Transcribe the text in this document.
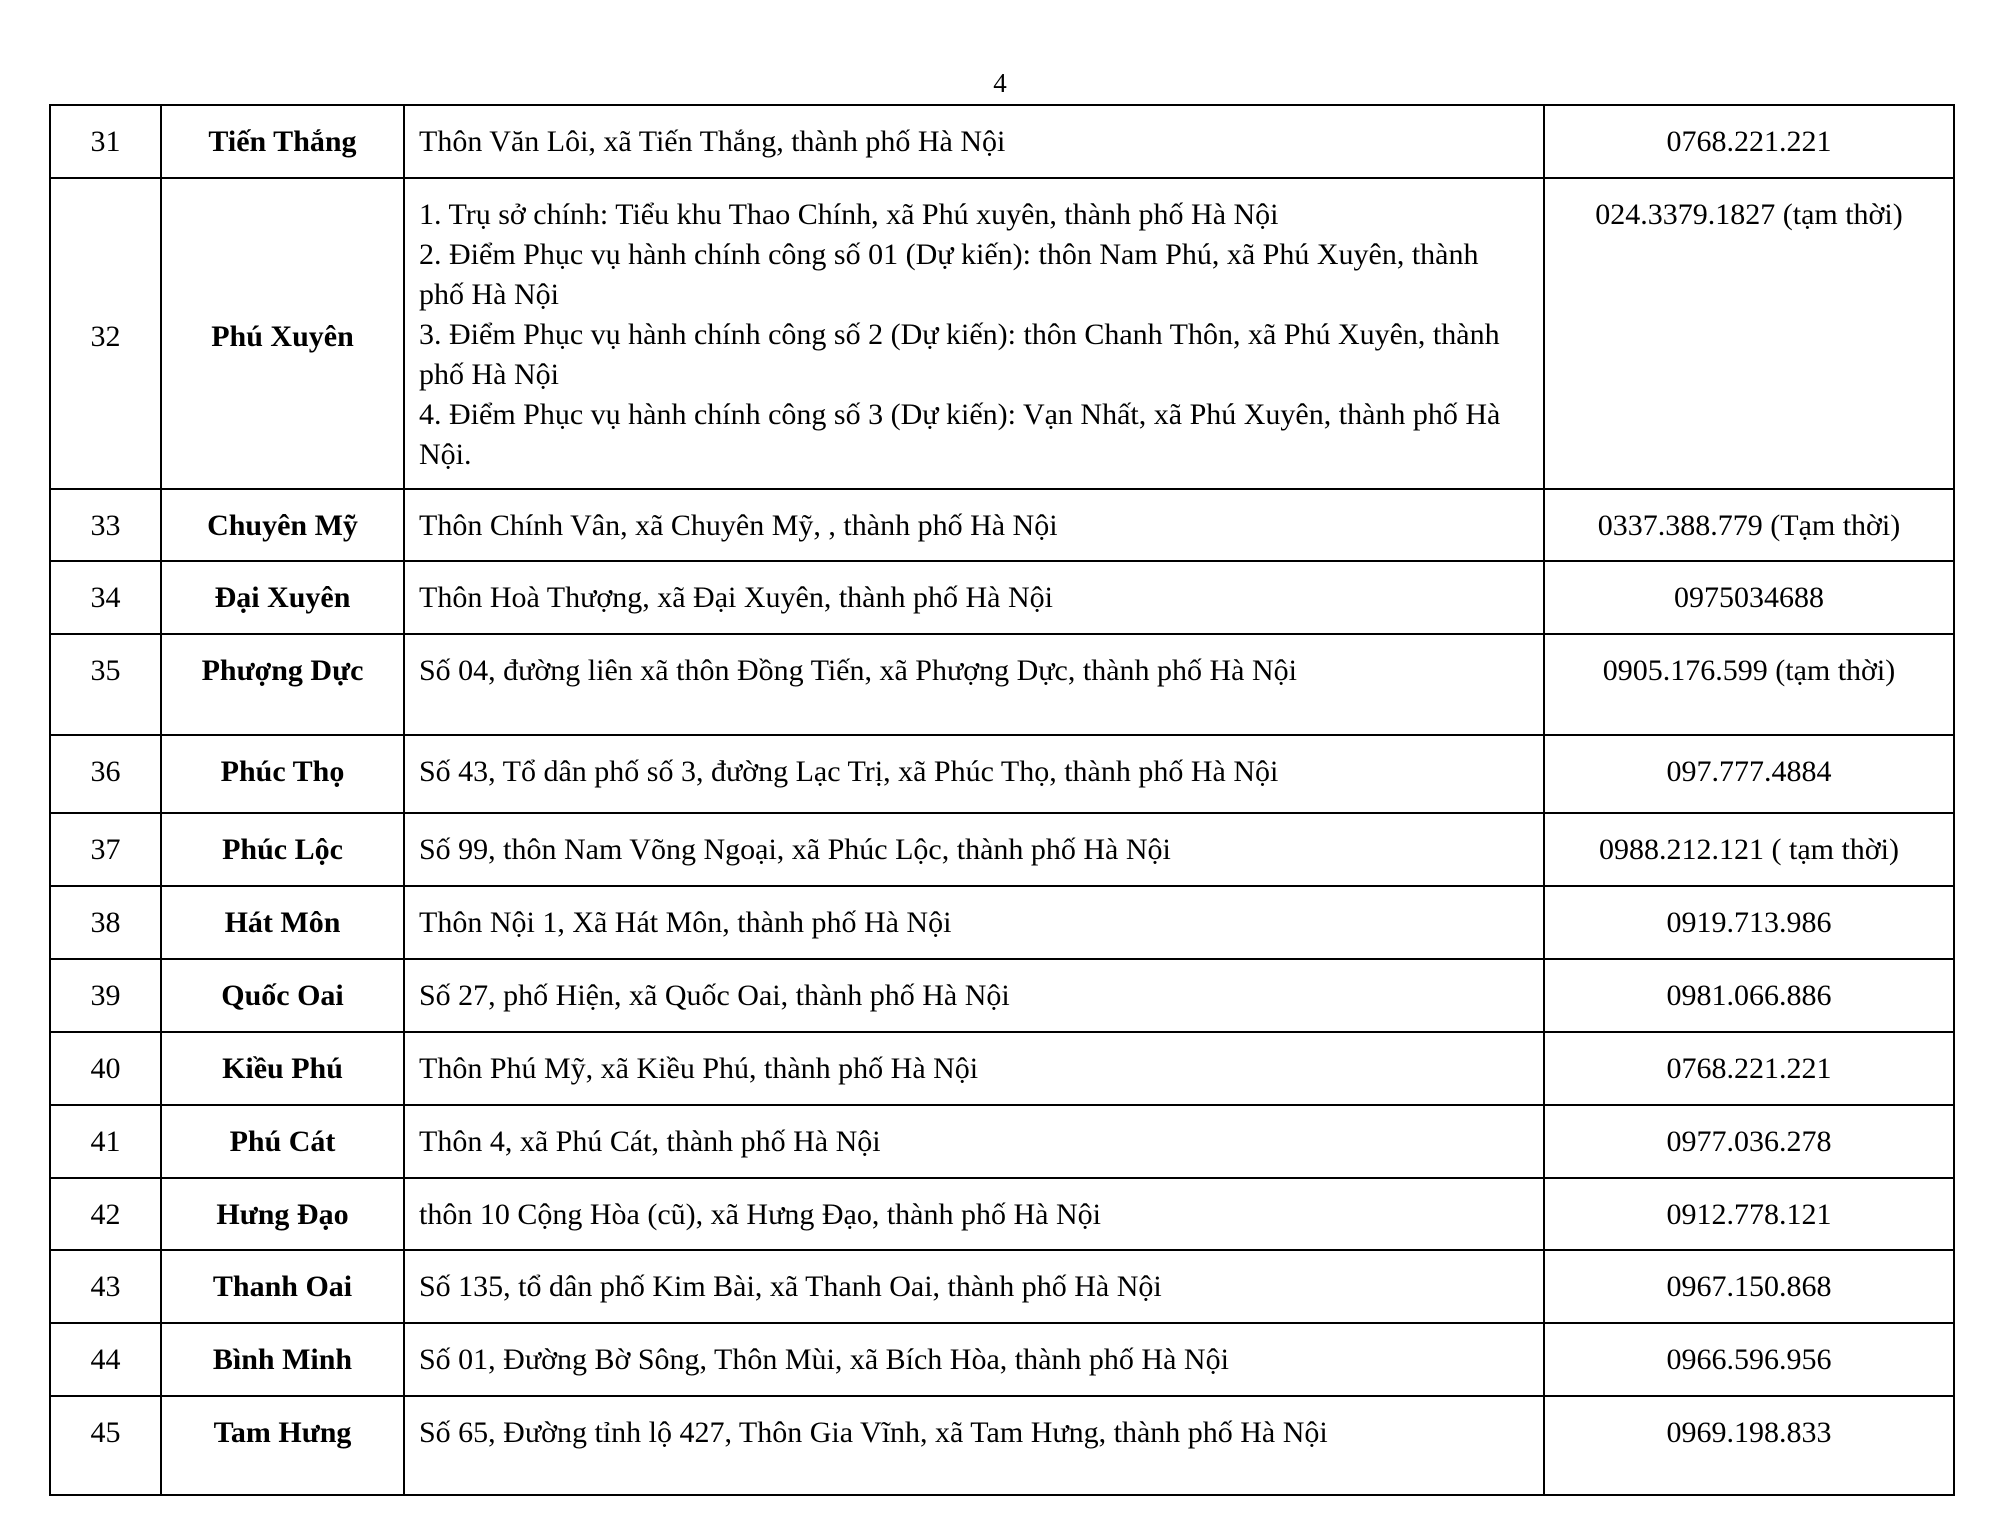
4
31	Tiến Thắng	Thôn Văn Lôi, xã Tiến Thắng, thành phố Hà Nội	0768.221.221
32	Phú Xuyên	1. Trụ sở chính: Tiểu khu Thao Chính, xã Phú xuyên, thành phố Hà Nội
2. Điểm Phục vụ hành chính công số 01 (Dự kiến): thôn Nam Phú, xã Phú Xuyên, thành phố Hà Nội
3. Điểm Phục vụ hành chính công số 2 (Dự kiến): thôn Chanh Thôn, xã Phú Xuyên, thành phố Hà Nội
4. Điểm Phục vụ hành chính công số 3 (Dự kiến): Vạn Nhất, xã Phú Xuyên, thành phố Hà Nội.	024.3379.1827 (tạm thời)
33	Chuyên Mỹ	Thôn Chính Vân, xã Chuyên Mỹ, , thành phố Hà Nội	0337.388.779 (Tạm thời)
34	Đại Xuyên	Thôn Hoà Thượng, xã Đại Xuyên, thành phố Hà Nội	0975034688
35	Phượng Dực	Số 04, đường liên xã thôn Đồng Tiến, xã Phượng Dực, thành phố Hà Nội	0905.176.599 (tạm thời)
36	Phúc Thọ	Số 43, Tổ dân phố số 3, đường Lạc Trị, xã Phúc Thọ, thành phố Hà Nội	097.777.4884
37	Phúc Lộc	Số 99, thôn Nam Võng Ngoại, xã Phúc Lộc, thành phố Hà Nội	0988.212.121 ( tạm thời)
38	Hát Môn	Thôn Nội 1, Xã Hát Môn, thành phố Hà Nội	0919.713.986
39	Quốc Oai	Số 27, phố Hiện, xã Quốc Oai, thành phố Hà Nội	0981.066.886
40	Kiều Phú	Thôn Phú Mỹ, xã Kiều Phú, thành phố Hà Nội	0768.221.221
41	Phú Cát	Thôn 4, xã Phú Cát, thành phố Hà Nội	0977.036.278
42	Hưng Đạo	thôn 10 Cộng Hòa (cũ), xã Hưng Đạo, thành phố Hà Nội	0912.778.121
43	Thanh Oai	Số 135, tổ dân phố Kim Bài, xã Thanh Oai, thành phố Hà Nội	0967.150.868
44	Bình Minh	Số 01, Đường Bờ Sông, Thôn Mùi, xã Bích Hòa, thành phố Hà Nội	0966.596.956
45	Tam Hưng	Số 65, Đường tỉnh lộ 427, Thôn Gia Vĩnh, xã Tam Hưng, thành phố Hà Nội	0969.198.833
